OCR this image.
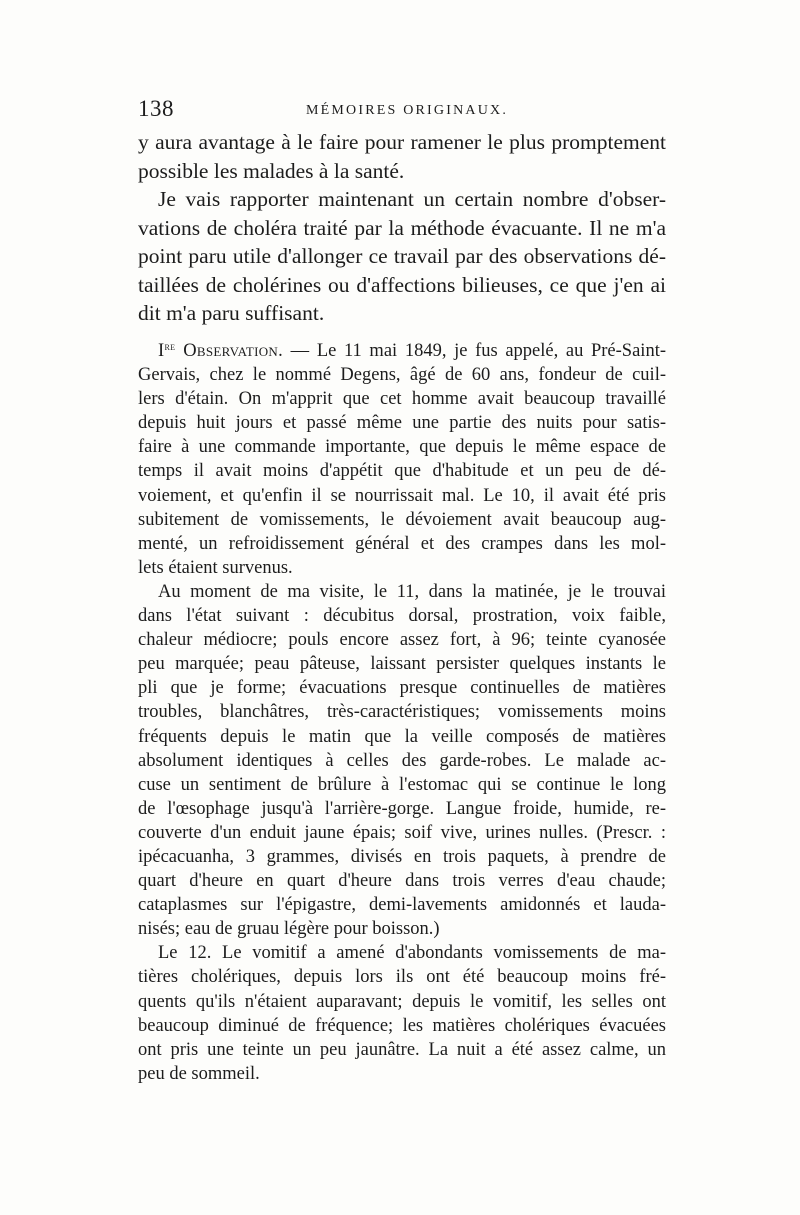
138	MÉMOIRES ORIGINAUX.
y aura avantage à le faire pour ramener le plus promptement
possible les malades à la santé.
Je vais rapporter maintenant un certain nombre d'obser-
vations de choléra traité par la méthode évacuante. Il ne m'a
point paru utile d'allonger ce travail par des observations dé-
taillées de cholérines ou d'affections bilieuses, ce que j'en ai
dit m'a paru suffisant.
Ire Observation. — Le 11 mai 1849, je fus appelé, au Pré-Saint-
Gervais, chez le nommé Degens, âgé de 60 ans, fondeur de cuil-
lers d'étain. On m'apprit que cet homme avait beaucoup travaillé
depuis huit jours et passé même une partie des nuits pour satis-
faire à une commande importante, que depuis le même espace de
temps il avait moins d'appétit que d'habitude et un peu de dé-
voiement, et qu'enfin il se nourrissait mal. Le 10, il avait été pris
subitement de vomissements, le dévoiement avait beaucoup aug-
menté, un refroidissement général et des crampes dans les mol-
lets étaient survenus.
Au moment de ma visite, le 11, dans la matinée, je le trouvai
dans l'état suivant : décubitus dorsal, prostration, voix faible,
chaleur médiocre; pouls encore assez fort, à 96; teinte cyanosée
peu marquée; peau pâteuse, laissant persister quelques instants le
pli que je forme; évacuations presque continuelles de matières
troubles, blanchâtres, très-caractéristiques; vomissements moins
fréquents depuis le matin que la veille composés de matières
absolument identiques à celles des garde-robes. Le malade ac-
cuse un sentiment de brûlure à l'estomac qui se continue le long
de l'œsophage jusqu'à l'arrière-gorge. Langue froide, humide, re-
couverte d'un enduit jaune épais; soif vive, urines nulles. (Prescr. :
ipécacuanha, 3 grammes, divisés en trois paquets, à prendre de
quart d'heure en quart d'heure dans trois verres d'eau chaude;
cataplasmes sur l'épigastre, demi-lavements amidonnés et lauda-
nisés; eau de gruau légère pour boisson.)
Le 12. Le vomitif a amené d'abondants vomissements de ma-
tières cholériques, depuis lors ils ont été beaucoup moins fré-
quents qu'ils n'étaient auparavant; depuis le vomitif, les selles ont
beaucoup diminué de fréquence; les matières cholériques évacuées
ont pris une teinte un peu jaunâtre. La nuit a été assez calme, un
peu de sommeil.
